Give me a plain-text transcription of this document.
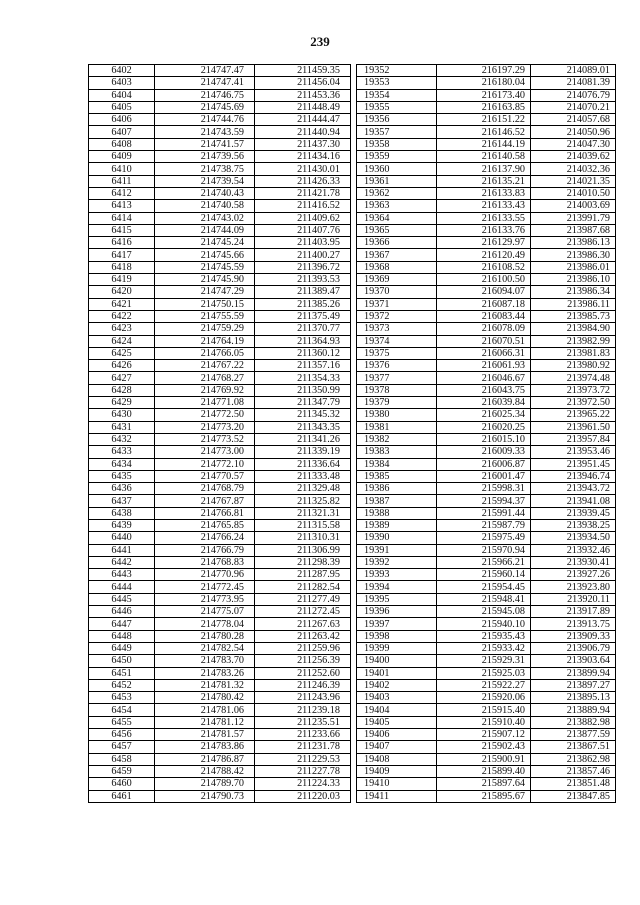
239
6402	214747.47	211459.35		19352	216197.29	214089.01
6403	214747.41	211456.04		19353	216180.04	214081.39
6404	214746.75	211453.36		19354	216173.40	214076.79
6405	214745.69	211448.49		19355	216163.85	214070.21
6406	214744.76	211444.47		19356	216151.22	214057.68
6407	214743.59	211440.94		19357	216146.52	214050.96
6408	214741.57	211437.30		19358	216144.19	214047.30
6409	214739.56	211434.16		19359	216140.58	214039.62
6410	214738.75	211430.01		19360	216137.90	214032.36
6411	214739.54	211426.33		19361	216135.21	214021.35
6412	214740.43	211421.78		19362	216133.83	214010.50
6413	214740.58	211416.52		19363	216133.43	214003.69
6414	214743.02	211409.62		19364	216133.55	213991.79
6415	214744.09	211407.76		19365	216133.76	213987.68
6416	214745.24	211403.95		19366	216129.97	213986.13
6417	214745.66	211400.27		19367	216120.49	213986.30
6418	214745.59	211396.72		19368	216108.52	213986.01
6419	214745.90	211393.53		19369	216100.50	213986.10
6420	214747.29	211389.47		19370	216094.07	213986.34
6421	214750.15	211385.26		19371	216087.18	213986.11
6422	214755.59	211375.49		19372	216083.44	213985.73
6423	214759.29	211370.77		19373	216078.09	213984.90
6424	214764.19	211364.93		19374	216070.51	213982.99
6425	214766.05	211360.12		19375	216066.31	213981.83
6426	214767.22	211357.16		19376	216061.93	213980.92
6427	214768.27	211354.33		19377	216046.67	213974.48
6428	214769.92	211350.99		19378	216043.75	213973.72
6429	214771.08	211347.79		19379	216039.84	213972.50
6430	214772.50	211345.32		19380	216025.34	213965.22
6431	214773.20	211343.35		19381	216020.25	213961.50
6432	214773.52	211341.26		19382	216015.10	213957.84
6433	214773.00	211339.19		19383	216009.33	213953.46
6434	214772.10	211336.64		19384	216006.87	213951.45
6435	214770.57	211333.48		19385	216001.47	213946.74
6436	214768.79	211329.48		19386	215998.31	213943.72
6437	214767.87	211325.82		19387	215994.37	213941.08
6438	214766.81	211321.31		19388	215991.44	213939.45
6439	214765.85	211315.58		19389	215987.79	213938.25
6440	214766.24	211310.31		19390	215975.49	213934.50
6441	214766.79	211306.99		19391	215970.94	213932.46
6442	214768.83	211298.39		19392	215966.21	213930.41
6443	214770.96	211287.95		19393	215960.14	213927.26
6444	214772.45	211282.54		19394	215954.45	213923.80
6445	214773.95	211277.49		19395	215948.41	213920.11
6446	214775.07	211272.45		19396	215945.08	213917.89
6447	214778.04	211267.63		19397	215940.10	213913.75
6448	214780.28	211263.42		19398	215935.43	213909.33
6449	214782.54	211259.96		19399	215933.42	213906.79
6450	214783.70	211256.39		19400	215929.31	213903.64
6451	214783.26	211252.60		19401	215925.03	213899.94
6452	214781.32	211246.39		19402	215922.27	213897.27
6453	214780.42	211243.96		19403	215920.06	213895.13
6454	214781.06	211239.18		19404	215915.40	213889.94
6455	214781.12	211235.51		19405	215910.40	213882.98
6456	214781.57	211233.66		19406	215907.12	213877.59
6457	214783.86	211231.78		19407	215902.43	213867.51
6458	214786.87	211229.53		19408	215900.91	213862.98
6459	214788.42	211227.78		19409	215899.40	213857.46
6460	214789.70	211224.33		19410	215897.64	213851.48
6461	214790.73	211220.03		19411	215895.67	213847.85
